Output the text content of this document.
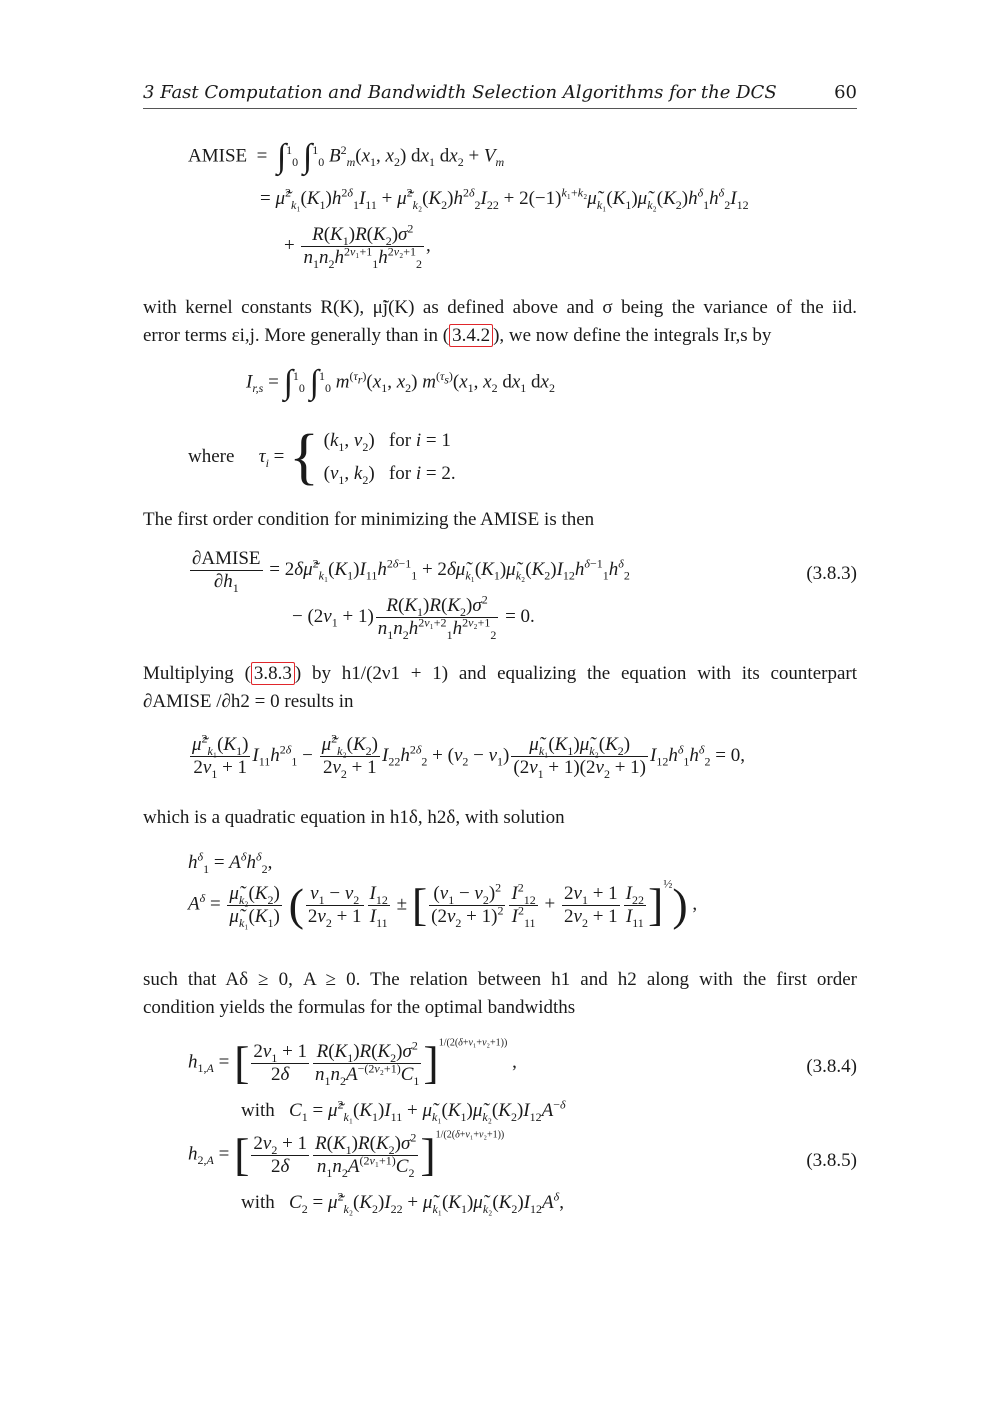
3 Fast Computation and Bandwidth Selection Algorithms for the DCS	60
AMISE  =  ∫$^1_0$ ∫$^1_0$ $B^2_m(x_1$, $x_2$) $dx_1$ $dx_2 + V_m$
= $\mũ^2_{k_1}(K_1)h^{2\delta}_1I_{11}$ + $\mũ^2_{k_2}(K_2)h^{2\delta}_2I_{22}$ + $2(-1)^{k_1+k_2}\mũ_{k_1}(K_1)\mũ_{k_2}(K_2)h^\delta_1h^\delta_2I_{12}$
+ $\frac{R(K_1)R(K_2)\sigma^2}{n_1n_2h^{2\nu_1+1}_1h^{2\nu_2+1}_2}$ ,
with kernel constants R(K), μ̃j(K) as defined above and σ being the variance of the iid.
error terms εi,j. More generally than in ( 3.4.2 ), we now define the integrals Ir,s by
$I_{r,s} = \int^1_0$ ∫$^1_0$ $m^{(\tau_r)}(x_1$, $x_2$) $m^{(\tau_s)}(x_1$, $x_2$ $dx_1$ $dx_2$
where $\tau_i$ = { ($k_1$, $\nu_2$)   for i = 1
($\nu_1$, $k_2$)   for i = 2.
The first order condition for minimizing the AMISE is then
$\frac{\text{∂AMISE}}{\partial h_1}$ = $2\delta\mũ^2_{k_1}(K_1)I_{11}h^{2\delta-1}_1$ + $2\delta\mũ_{k_1}(K_1)\mũ_{k_2}(K_2)I_{12}h^{\delta-1}_1h^\delta_2$
− $(2\nu_1 + 1) \frac{R(K_1)R(K_2)\sigma^2}{n_1n_2h^{2\nu_1+2}_1h^{2\nu_2+1}_2} = 0$.
(3.8.3)
Multiplying ( 3.8.3 ) by h1/(2ν1 + 1) and equalizing the equation with its counterpart
∂AMISE /∂h2 = 0 results in
$\frac{\mũ^2_{k_1}(K_1)}{2\nu_1 + 1} I_{11}h^{2\delta}_1 - \frac{\mũ^2_{k_2}(K_2)}{2\nu_2 + 1} I_{22}h^{2\delta}_2 + (\nu_2 - \nu_1) \frac{\mũ_{k_1}(K_1)\mũ_{k_2}(K_2)}{(2\nu_1 + 1)(2\nu_2 + 1)} I_{12}h^\delta_1h^\delta_2 = 0$,
which is a quadratic equation in h1δ, h2δ, with solution
$h^\delta_1 = A^\delta h^\delta_2$,
$A^\delta = \frac{\mũ_{k_2}(K_2)}{\mũ_{k_1}(K_1)}$ ( $\frac{\nu_1 - \nu_2}{2\nu_2 + 1} \frac{I_{12}}{I_{11}}$ ± [ $\frac{(\nu_1 - \nu_2)^2}{(2\nu_2 + 1)^2} \frac{I^2_{12}}{I^2_{11}} + \frac{2\nu_1 + 1}{2\nu_2 + 1} \frac{I_{22}}{I_{11}} ]^{\frac{1}{2}}$) ,
such that Aδ ≥ 0, A ≥ 0. The relation between h1 and h2 along with the first order
condition yields the formulas for the optimal bandwidths
$h_{1,A}$ = [ $\frac{2\nu_1 + 1}{2\delta} \frac{R(K_1)R(K_2)\sigma^2}{n_1n_2A^{-(2\nu_2+1)}C_1} ]^{1/(2(\delta+\nu_1+\nu_2+1))}$ ,	(3.8.4)
with $C_1$ = $\mũ^2_{k_1}(K_1)I_{11}$ + $\mũ_{k_1}(K_1)\mũ_{k_2}(K_2)I_{12}A^{-\delta}$
$h_{2,A}$ = [ $\frac{2\nu_2 + 1}{2\delta} \frac{R(K_1)R(K_2)\sigma^2}{n_1n_2A^{(2\nu_1+1)}C_2} ]^{1/(2(\delta+\nu_1+\nu_2+1))}$
(3.8.5)
with $C_2$ = $\mũ^2_{k_2}(K_2)I_{22}$ + $\mũ_{k_1}(K_1)\mũ_{k_2}(K_2)I_{12}A^\delta$,
